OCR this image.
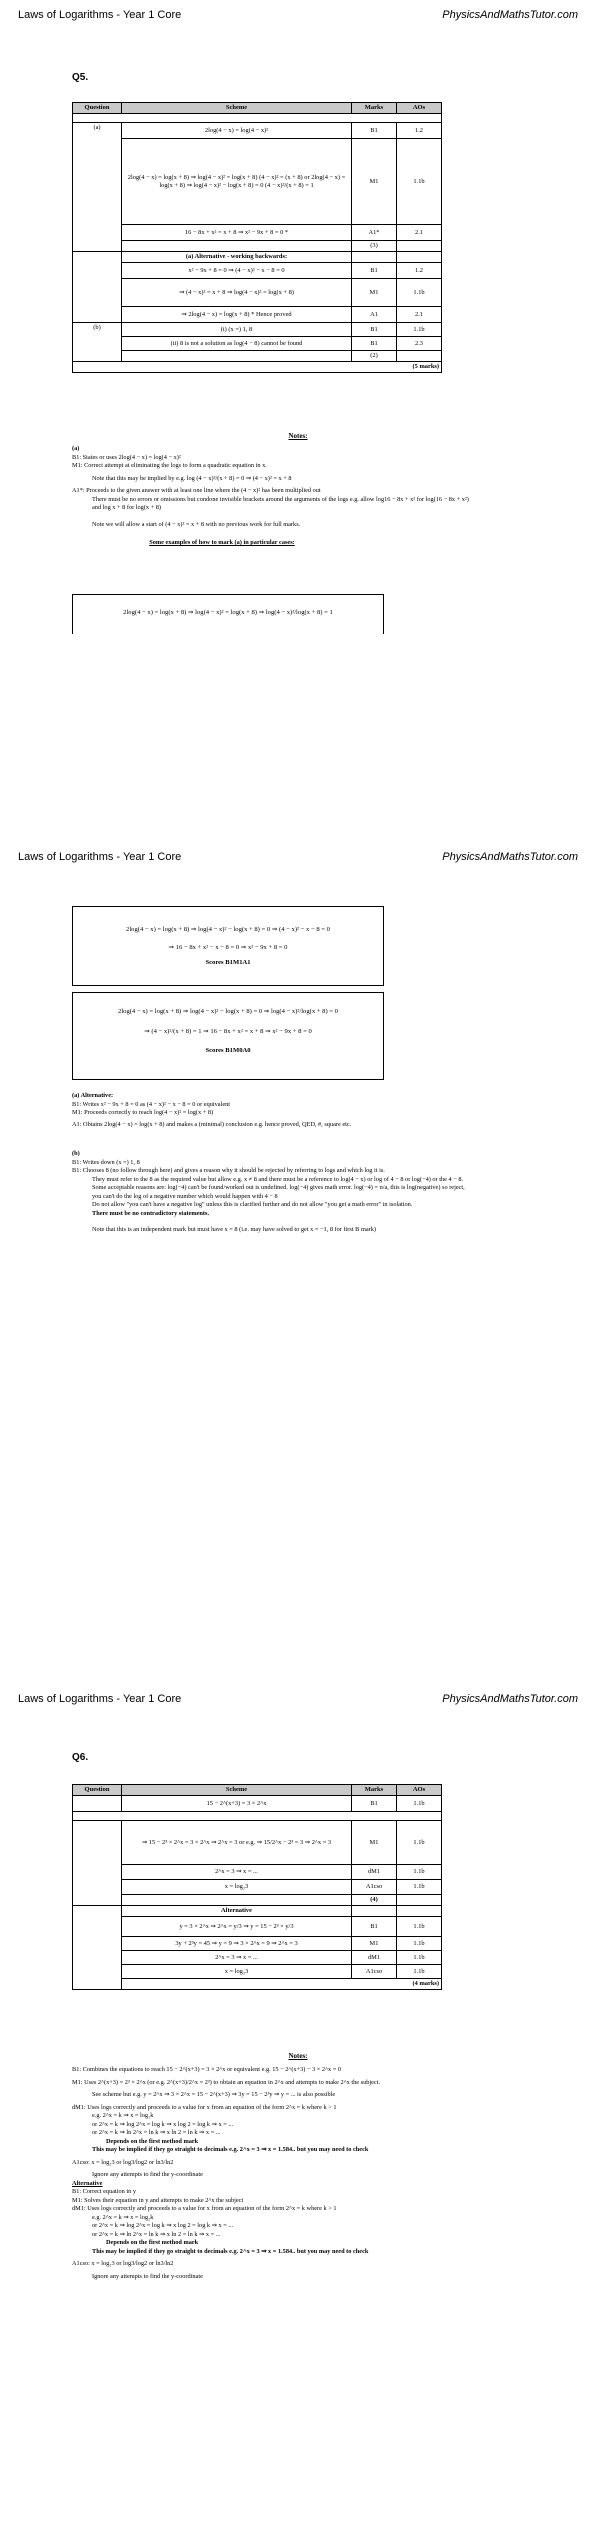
Laws of Logarithms - Year 1 Core	PhysicsAndMathsTutor.com
Q5.
Question	Scheme	Marks	AOs

(a)	2log(4 − x) = log(4 − x)²	B1	1.2
	2log(4 − x) = log(x + 8) ⇒ log(4 − x)² = log(x + 8) (4 − x)² = (x + 8) or 2log(4 − x) = log(x + 8) ⇒ log(4 − x)² − log(x + 8) = 0 (4 − x)²/(x + 8) = 1	M1	1.1b
	16 − 8x + x² = x + 8 ⇒ x² − 9x + 8 = 0 *	A1*	2.1
		(3)	
	(a) Alternative - working backwards:		
	x² − 9x + 8 = 0 ⇒ (4 − x)² − x − 8 = 0	B1	1.2
	⇒ (4 − x)² = x + 8 ⇒ log(4 − x)² = log(x + 8)	M1	1.1b
	⇒ 2log(4 − x) = log(x + 8) * Hence proved	A1	2.1
(b)	(i) (x =) 1, 8	B1	1.1b
	(ii) 8 is not a solution as log(4 − 8) cannot be found	B1	2.3
		(2)	
(5 marks)			
Notes:

(a)

B1: States or uses 2log(4 − x) = log(4 − x)²

M1: Correct attempt at eliminating the logs to form a quadratic equation in x.

Note that this may be implied by e.g. log (4 − x)²/(x + 8) = 0 ⇒ (4 − x)² = x + 8

A1*: Proceeds to the given answer with at least one line where the (4 − x)² has been multiplied out

There must be no errors or omissions but condone invisible brackets around the arguments of the logs e.g. allow log16 − 8x + x² for log(16 − 8x + x²) and log x + 8 for log(x + 8)

Note we will allow a start of (4 − x)² = x + 8 with no previous work for full marks.

Some examples of how to mark (a) in particular cases:

2log(4 − x) = log(x + 8) ⇒ log(4 − x)² = log(x + 8) ⇒ log(4 − x)²/log(x + 8) = 1
Laws of Logarithms - Year 1 Core	PhysicsAndMathsTutor.com

2log(4 − x) = log(x + 8) ⇒ log(4 − x)² − log(x + 8) = 0 ⇒ (4 − x)² − x − 8 = 0

⇒ 16 − 8x + x² − x − 8 = 0 ⇒ x² − 9x + 8 = 0

Scores B1M1A1

2log(4 − x) = log(x + 8) ⇒ log(4 − x)² − log(x + 8) = 0 ⇒ log(4 − x)²/log(x + 8) = 0

⇒ (4 − x)²/(x + 8) = 1 ⇒ 16 − 8x + x² = x + 8 ⇒ x² − 9x + 8 = 0

Scores B1M0A0

(a) Alternative:

B1: Writes x² − 9x + 8 = 0 as (4 − x)² − x − 8 = 0 or equivalent

M1: Proceeds correctly to reach log(4 − x)² = log(x + 8)

A1: Obtains 2log(4 − x) = log(x + 8) and makes a (minimal) conclusion e.g. hence proved, QED, #, square etc.

(b)

B1: Writes down (x =) 1, 8

B1: Chooses 8 (no follow through here) and gives a reason why it should be rejected by referring to logs and which log it is.

They must refer to the 8 as the required value but allow e.g. x ≠ 8 and there must be a reference to log(4 − x) or log of 4 − 8 or log(−4) or the 4 − 8. Some acceptable reasons are: log(−4) can't be found/worked out is undefined. log(−4) gives math error. log(−4) = n/a, this is log(negative) so reject, you can't do the log of a negative number which would happen with 4 − 8

Do not allow "you can't have a negative log" unless this is clarified further and do not allow "you get a math error" in isolation.

There must be no contradictory statements.

Note that this is an independent mark but must have x = 8 (i.e. may have solved to get x = −1, 8 for first B mark)

Laws of Logarithms - Year 1 Core	PhysicsAndMathsTutor.com
Q6.
Question	Scheme	Marks	AOs
	15 − 2^(x+3) = 3 × 2^x	B1	1.1b

	⇒ 15 − 2³ × 2^x = 3 × 2^x ⇒ 2^x = 3 or e.g. ⇒ 15/2^x − 2³ = 3 ⇒ 2^x = 3	M1	1.1b
	2^x = 3 ⇒ x = ...	dM1	1.1b
	x = log₂3	A1cso	1.1b
		(4)	
	Alternative		
	y = 3 × 2^x ⇒ 2^x = y/3 ⇒ y = 15 − 2³ × y/3	B1	1.1b
	3y + 2³y = 45 ⇒ y = 9 ⇒ 3 × 2^x = 9 ⇒ 2^x = 3	M1	1.1b
	2^x = 3 ⇒ x = ...	dM1	1.1b
	x = log₂3	A1cso	1.1b
	(4 marks)		
Notes:

B1: Combines the equations to reach 15 − 2^(x+3) = 3 × 2^x or equivalent e.g. 15 − 2^(x+3) − 3 × 2^x = 0

M1: Uses 2^(x+3) = 2³ × 2^x (or e.g. 2^(x+3)/2^x = 2³) to obtain an equation in 2^x and attempts to make 2^x the subject.

See scheme but e.g. y = 2^x ⇒ 3 × 2^x = 15 − 2^(x+3) ⇒ 3y = 15 − 2³y ⇒ y = ... is also possible

dM1: Uses logs correctly and proceeds to a value for x from an equation of the form 2^x = k where k > 1

e.g. 2^x = k ⇒ x = log₂k

or 2^x = k ⇒ log 2^x = log k ⇒ x log 2 = log k ⇒ x = ...

or 2^x = k ⇒ ln 2^x = ln k ⇒ x ln 2 = ln k ⇒ x = ...

Depends on the first method mark

This may be implied if they go straight to decimals e.g. 2^x = 3 ⇒ x = 1.584.. but you may need to check

A1cso: x = log₂3 or log3/log2 or ln3/ln2

Ignore any attempts to find the y-coordinate

Alternative

B1: Correct equation in y

M1: Solves their equation in y and attempts to make 2^x the subject

dM1: Uses logs correctly and proceeds to a value for x from an equation of the form 2^x = k where k > 1

e.g. 2^x = k ⇒ x = log₂k

or 2^x = k ⇒ log 2^x = log k ⇒ x log 2 = log k ⇒ x = ...

or 2^x = k ⇒ ln 2^x = ln k ⇒ x ln 2 = ln k ⇒ x = ...

Depends on the first method mark

This may be implied if they go straight to decimals e.g. 2^x = 3 ⇒ x = 1.584.. but you may need to check

A1cso: x = log₂3 or log3/log2 or ln3/ln2

Ignore any attempts to find the y-coordinate
